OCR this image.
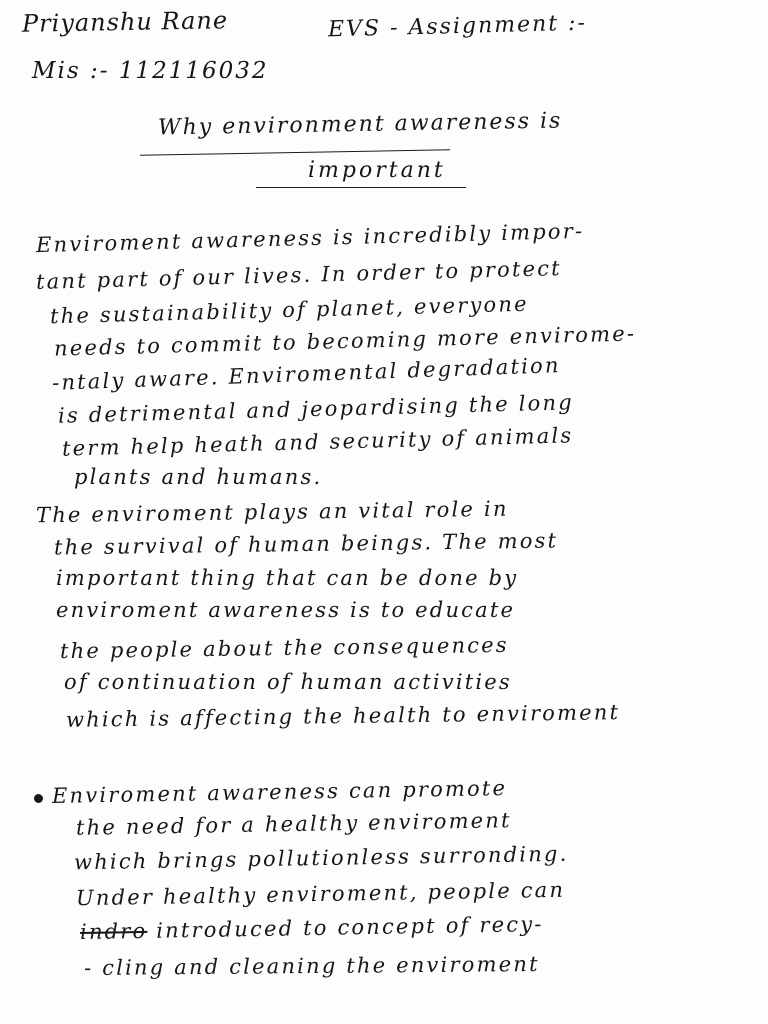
Priyanshu Rane	EVS - Assignment :-
Mis :- 112116032
Why environment awareness is
important
Enviroment awareness is incredibly impor-
tant part of our lives. In order to protect
the sustainability of planet, everyone
needs to commit to becoming more envirome-
-ntaly aware. Enviromental degradation
is detrimental and jeopardising the long
term help heath and security of animals
plants and humans.
The enviroment plays an vital role in
the survival of human beings. The most
important thing that can be done by
enviroment awareness is to educate
the people about the consequences
of continuation of human activities
which is affecting the health to enviroment
Enviroment awareness can promote
the need for a healthy enviroment
which brings pollutionless surronding.
Under healthy enviroment, people can
indro introduced to concept of recy-
- cling and cleaning the enviroment
